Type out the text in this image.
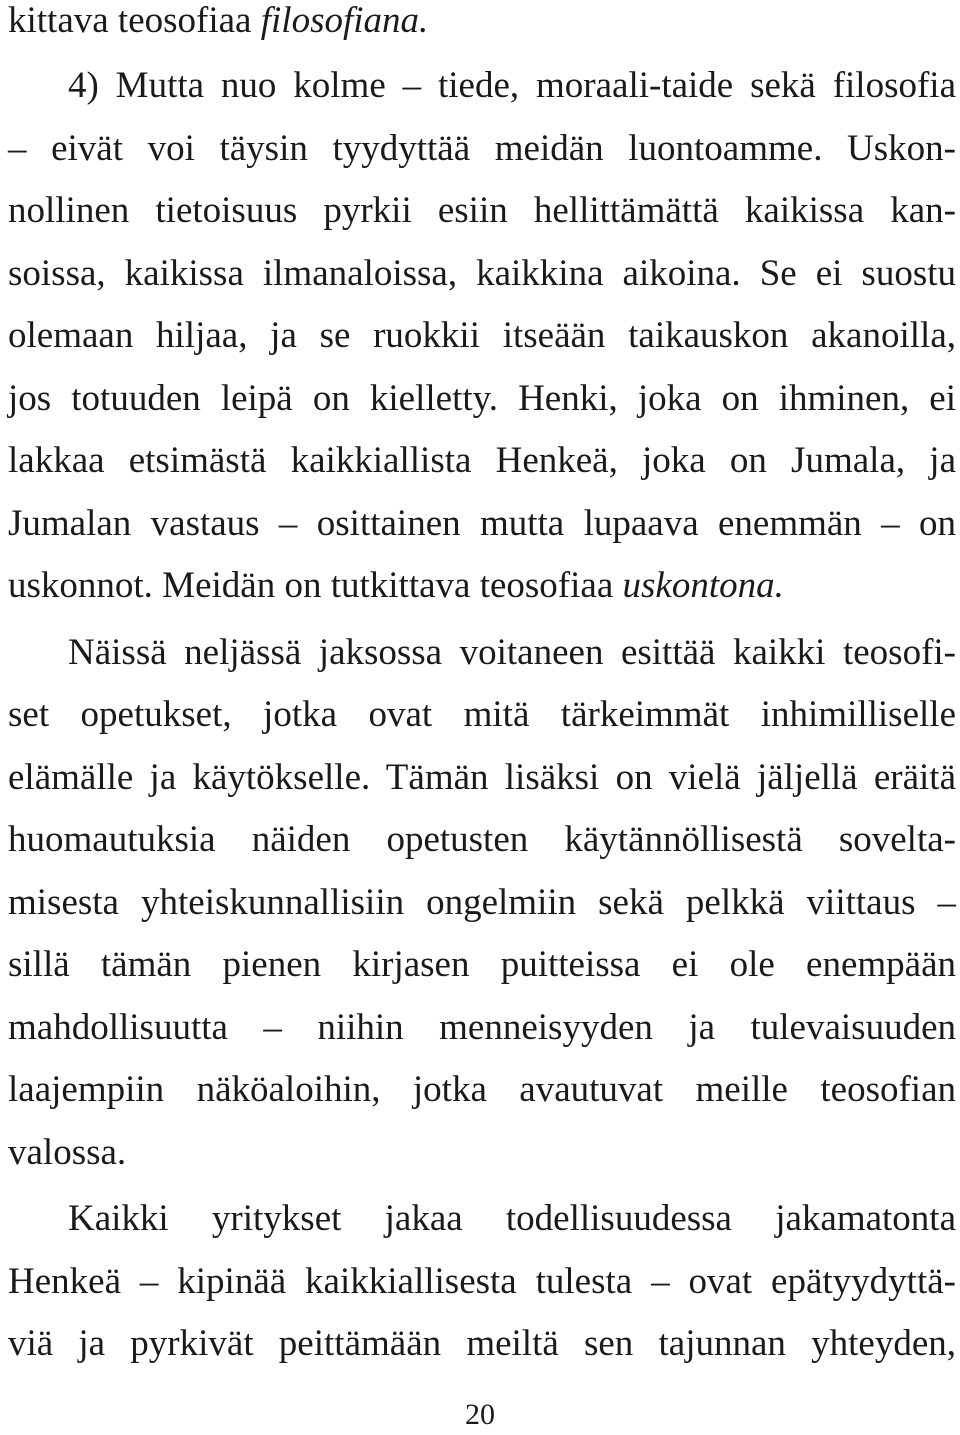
kittava teosofiaa filosofiana.
4) Mutta nuo kolme – tiede, moraali-taide sekä filosofia
– eivät voi täysin tyydyttää meidän luontoamme. Uskon-
nollinen tietoisuus pyrkii esiin hellittämättä kaikissa kan-
soissa, kaikissa ilmanaloissa, kaikkina aikoina. Se ei suostu
olemaan hiljaa, ja se ruokkii itseään taikauskon akanoilla,
jos totuuden leipä on kielletty. Henki, joka on ihminen, ei
lakkaa etsimästä kaikkiallista Henkeä, joka on Jumala, ja
Jumalan vastaus – osittainen mutta lupaava enemmän – on
uskonnot. Meidän on tutkittava teosofiaa uskontona.
Näissä neljässä jaksossa voitaneen esittää kaikki teosofi-
set opetukset, jotka ovat mitä tärkeimmät inhimilliselle
elämälle ja käytökselle. Tämän lisäksi on vielä jäljellä eräitä
huomautuksia näiden opetusten käytännöllisestä soveltа-
misesta yhteiskunnallisiin ongelmiin sekä pelkkä viittaus –
sillä tämän pienen kirjasen puitteissa ei ole enempään
mahdollisuutta – niihin menneisyyden ja tulevaisuuden
laajempiin näköaloihin, jotka avautuvat meille teosofian
valossa.
Kaikki yritykset jakaa todellisuudessa jakamatonta
Henkeä – kipinää kaikkiallisesta tulesta – ovat epätyydyttä-
viä ja pyrkivät peittämään meiltä sen tajunnan yhteyden,
20
